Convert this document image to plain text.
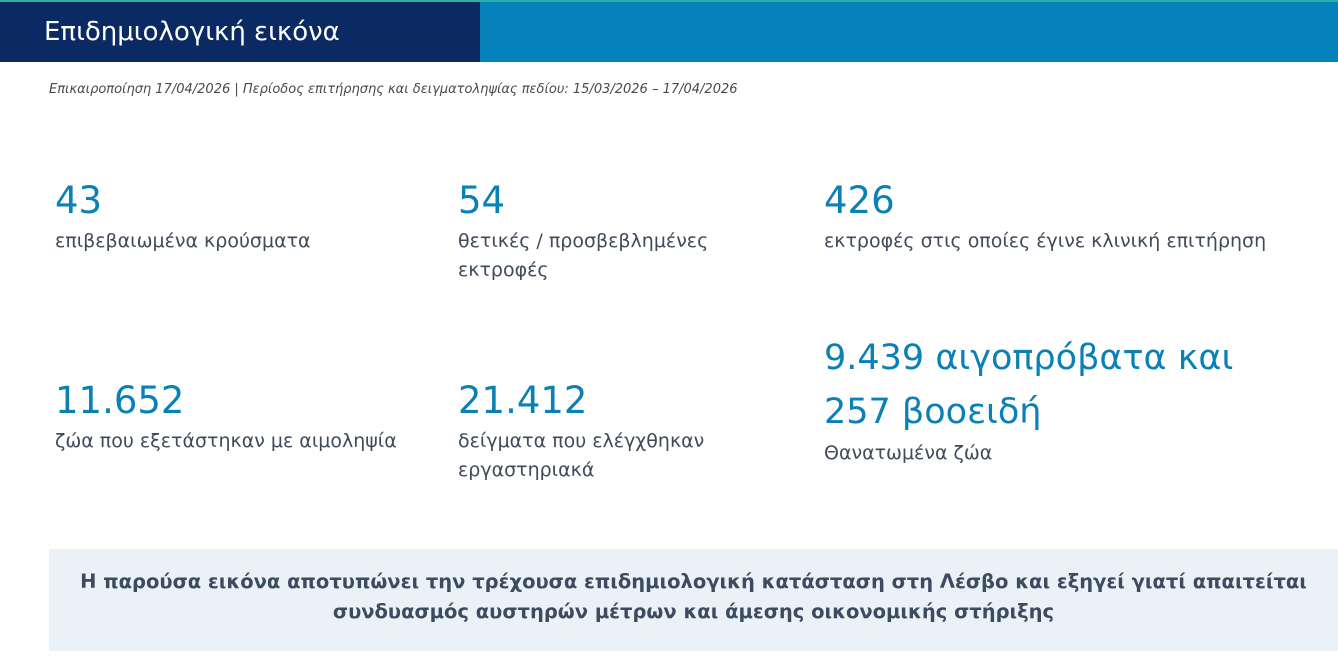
Επιδημιολογική εικόνα
Επικαιροποίηση 17/04/2026 | Περίοδος επιτήρησης και δειγματοληψίας πεδίου: 15/03/2026 – 17/04/2026
43
επιβεβαιωμένα κρούσματα
54
θετικές / προσβεβλημένες εκτροφές
426
εκτροφές στις οποίες έγινε κλινική επιτήρηση
11.652
ζώα που εξετάστηκαν με αιμοληψία
21.412
δείγματα που ελέγχθηκαν εργαστηριακά
9.439 αιγοπρόβατα και
257 βοοειδή
Θανατωμένα ζώα
Η παρούσα εικόνα αποτυπώνει την τρέχουσα επιδημιολογική κατάσταση στη Λέσβο και εξηγεί γιατί απαιτείται συνδυασμός αυστηρών μέτρων και άμεσης οικονομικής στήριξης
